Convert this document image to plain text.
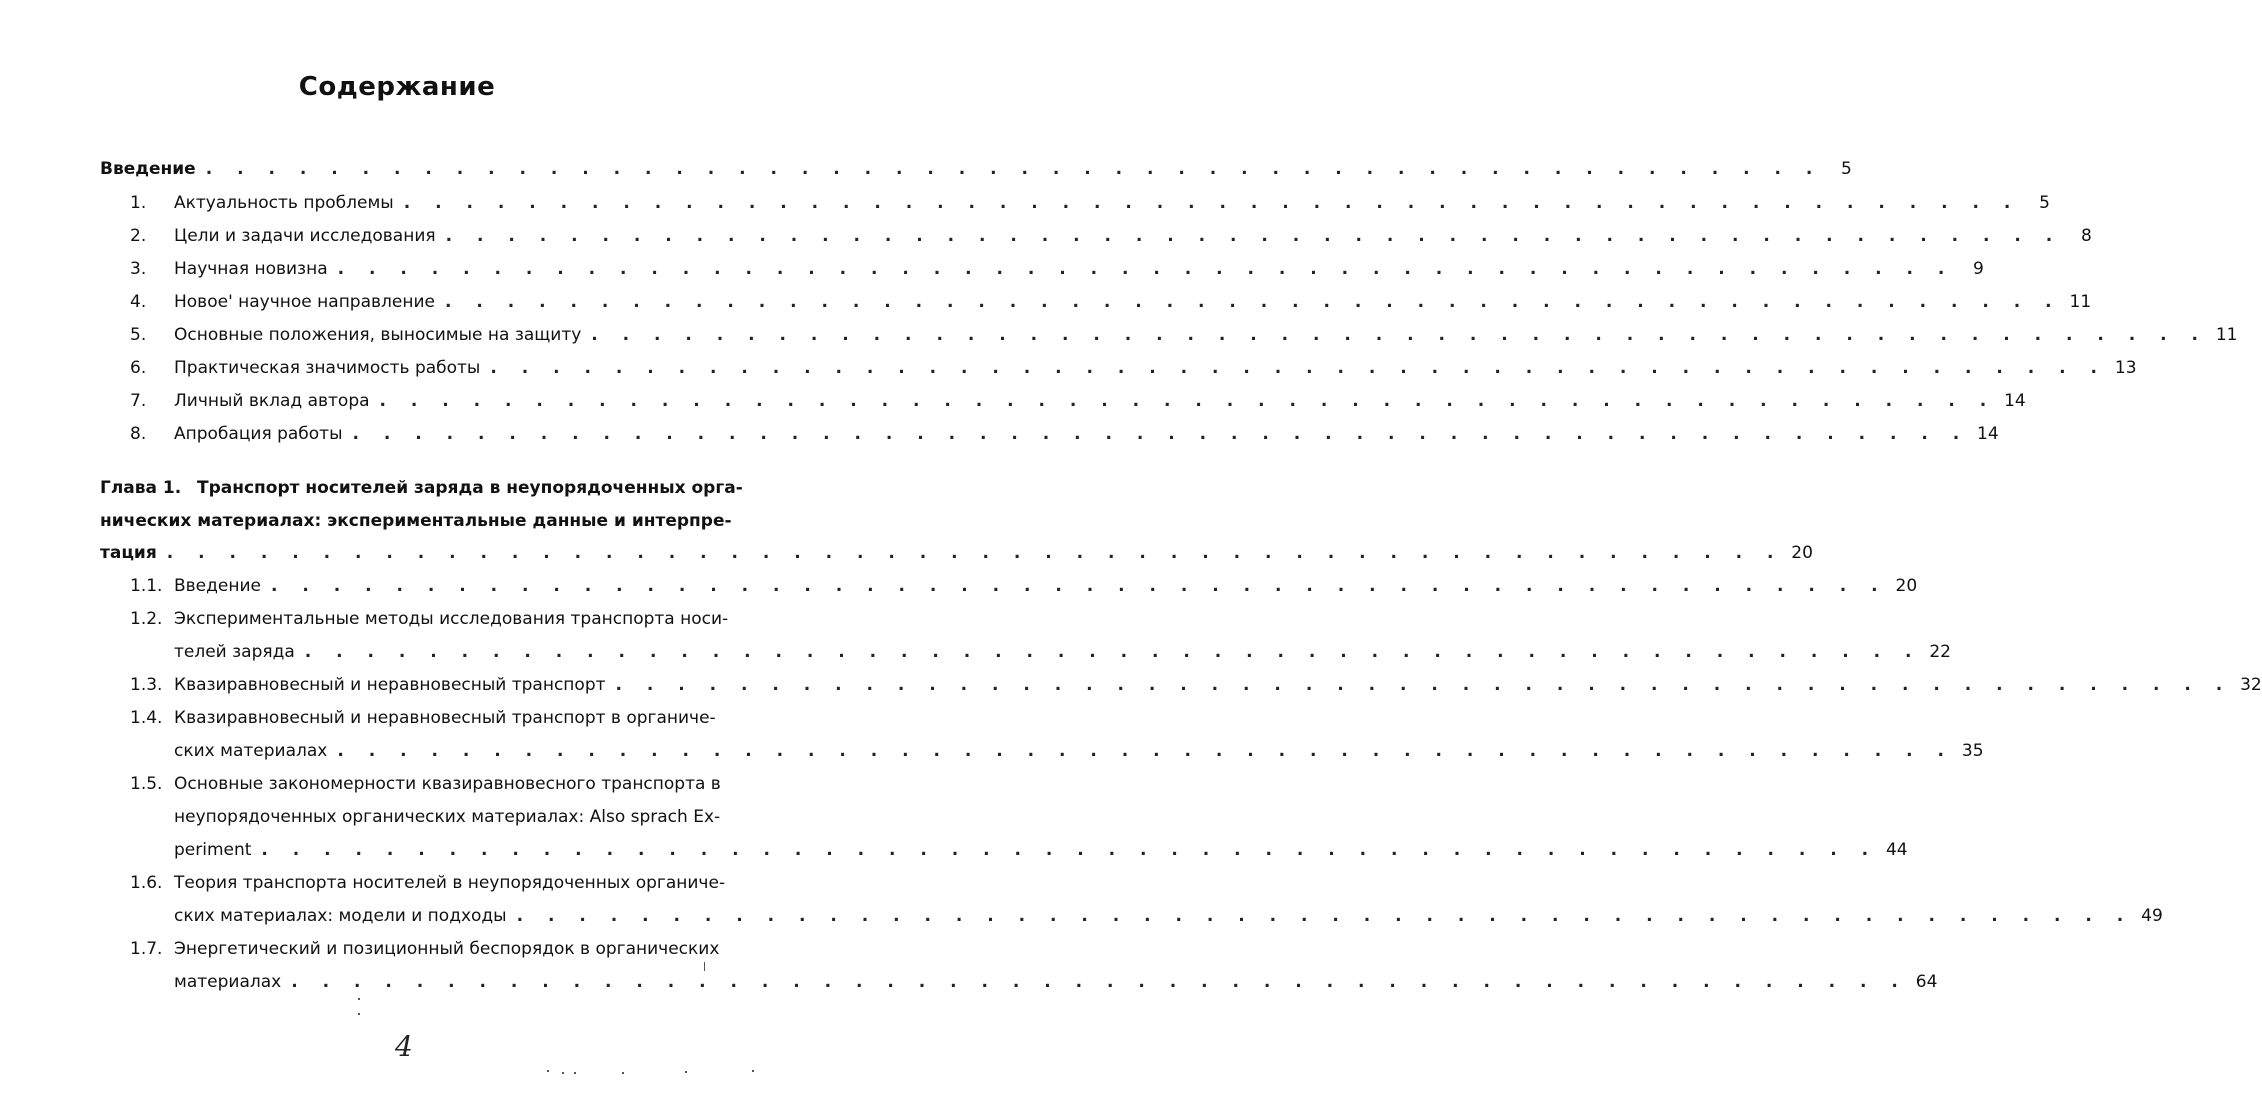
Содержание
Введение . . . . . . . . . . . . . . . . . . . . . . . . . . . . . . . . . . . . . . . . . . . . . . . . . . . .	5
1. Актуальность проблемы . . . . . . . . . . . . . . . . . . . . . . . . . . . . . . . . . . . . . . . . . . . . . . . . . . . .	5
2. Цели и задачи исследования . . . . . . . . . . . . . . . . . . . . . . . . . . . . . . . . . . . . . . . . . . . . . . . . . . . .	8
3. Научная новизна . . . . . . . . . . . . . . . . . . . . . . . . . . . . . . . . . . . . . . . . . . . . . . . . . . . .	9
4. Новое' научное направление . . . . . . . . . . . . . . . . . . . . . . . . . . . . . . . . . . . . . . . . . . . . . . . . . . . . 11
5. Основные положения, выносимые на защиту . . . . . . . . . . . . . . . . . . . . . . . . . . . . . . . . . . . . . . . . . . . . . . . . . . . . 11
6. Практическая значимость работы . . . . . . . . . . . . . . . . . . . . . . . . . . . . . . . . . . . . . . . . . . . . . . . . . . . . 13
7. Личный вклад автора . . . . . . . . . . . . . . . . . . . . . . . . . . . . . . . . . . . . . . . . . . . . . . . . . . . . 14
8. Апробация работы . . . . . . . . . . . . . . . . . . . . . . . . . . . . . . . . . . . . . . . . . . . . . . . . . . . . 14
Глава 1. Транспорт носителей заряда в неупорядоченных орга-
нических материалах: экспериментальные данные и интерпре-
тация . . . . . . . . . . . . . . . . . . . . . . . . . . . . . . . . . . . . . . . . . . . . . . . . . . . . 20
1.1. Введение . . . . . . . . . . . . . . . . . . . . . . . . . . . . . . . . . . . . . . . . . . . . . . . . . . . . 20
1.2. Экспериментальные методы исследования транспорта носи-
телей заряда . . . . . . . . . . . . . . . . . . . . . . . . . . . . . . . . . . . . . . . . . . . . . . . . . . . . 22
1.3. Квазиравновесный и неравновесный транспорт . . . . . . . . . . . . . . . . . . . . . . . . . . . . . . . . . . . . . . . . . . . . . . . . . . . . 32
1.4. Квазиравновесный и неравновесный транспорт в органиче-
ских материалах . . . . . . . . . . . . . . . . . . . . . . . . . . . . . . . . . . . . . . . . . . . . . . . . . . . . 35
1.5. Основные закономерности квазиравновесного транспорта в
неупорядоченных органических материалах: Also sprach Ex-
periment . . . . . . . . . . . . . . . . . . . . . . . . . . . . . . . . . . . . . . . . . . . . . . . . . . . . 44
1.6. Теория транспорта носителей в неупорядоченных органиче-
ских материалах: модели и подходы . . . . . . . . . . . . . . . . . . . . . . . . . . . . . . . . . . . . . . . . . . . . . . . . . . . . 49
1.7. Энергетический и позиционный беспорядок в органических
материалах . . . . . . . . . . . . . . . . . . . . . . . . . . . . . . . . . . . . . . . . . . . . . . . . . . . . 64
4
